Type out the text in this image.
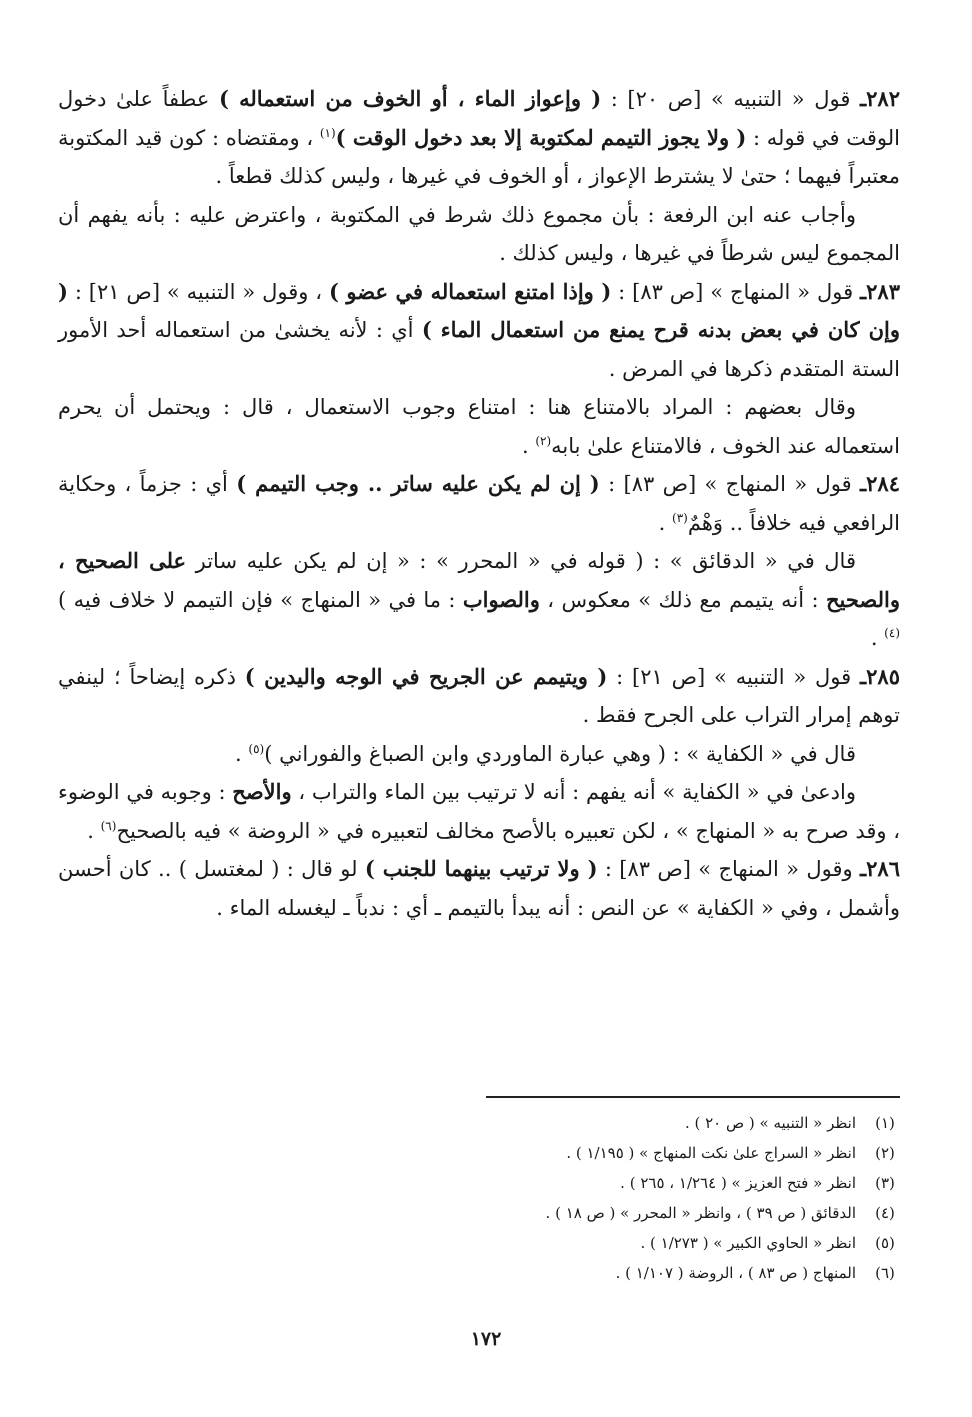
٢٨٢ـ قول « التنبيه » [ص ٢٠] : ( وإعواز الماء ، أو الخوف من استعماله ) عطفاً علىٰ دخول الوقت في قوله : ( ولا يجوز التيمم لمكتوبة إلا بعد دخول الوقت )$^{(١)}$ ، ومقتضاه : كون قيد المكتوبة معتبراً فيهما ؛ حتىٰ لا يشترط الإعواز ، أو الخوف في غيرها ، وليس كذلك قطعاً .

وأجاب عنه ابن الرفعة : بأن مجموع ذلك شرط في المكتوبة ، واعترض عليه : بأنه يفهم أن المجموع ليس شرطاً في غيرها ، وليس كذلك .

٢٨٣ـ قول « المنهاج » [ص ٨٣] : ( وإذا امتنع استعماله في عضو ) ، وقول « التنبيه » [ص ٢١] : ( وإن كان في بعض بدنه قرح يمنع من استعمال الماء ) أي : لأنه يخشىٰ من استعماله أحد الأمور الستة المتقدم ذكرها في المرض .

وقال بعضهم : المراد بالامتناع هنا : امتناع وجوب الاستعمال ، قال : ويحتمل أن يحرم استعماله عند الخوف ، فالامتناع علىٰ بابه$^{(٢)}$ .

٢٨٤ـ قول « المنهاج » [ص ٨٣] : ( إن لم يكن عليه ساتر .. وجب التيمم ) أي : جزماً ، وحكاية الرافعي فيه خلافاً .. وَهْمٌ$^{(٣)}$ .

قال في « الدقائق » : ( قوله في « المحرر » : « إن لم يكن عليه ساتر على الصحيح ، والصحيح : أنه يتيمم مع ذلك » معكوس ، والصواب : ما في « المنهاج » فإن التيمم لا خلاف فيه )$^{(٤)}$ .

٢٨٥ـ قول « التنبيه » [ص ٢١] : ( ويتيمم عن الجريح في الوجه واليدين ) ذكره إيضاحاً ؛ لينفي توهم إمرار التراب على الجرح فقط .

قال في « الكفاية » : ( وهي عبارة الماوردي وابن الصباغ والفوراني )$^{(٥)}$ .

وادعىٰ في « الكفاية » أنه يفهم : أنه لا ترتيب بين الماء والتراب ، والأصح : وجوبه في الوضوء ، وقد صرح به « المنهاج » ، لكن تعبيره بالأصح مخالف لتعبيره في « الروضة » فيه بالصحيح$^{(٦)}$ .

٢٨٦ـ وقول « المنهاج » [ص ٨٣] : ( ولا ترتيب بينهما للجنب ) لو قال : ( لمغتسل ) .. كان أحسن وأشمل ، وفي « الكفاية » عن النص : أنه يبدأ بالتيمم ـ أي : ندباً ـ ليغسله الماء .

(١)
انظر « التنبيه » ( ص ٢٠ ) .
(٢)
انظر « السراج علىٰ نكت المنهاج » ( ١/١٩٥ ) .
(٣)
انظر « فتح العزيز » ( ١/٢٦٤ ، ٢٦٥ ) .
(٤)
الدقائق ( ص ٣٩ ) ، وانظر « المحرر » ( ص ١٨ ) .
(٥)
انظر « الحاوي الكبير » ( ١/٢٧٣ ) .
(٦)
المنهاج ( ص ٨٣ ) ، الروضة ( ١/١٠٧ ) .
١٧٢
